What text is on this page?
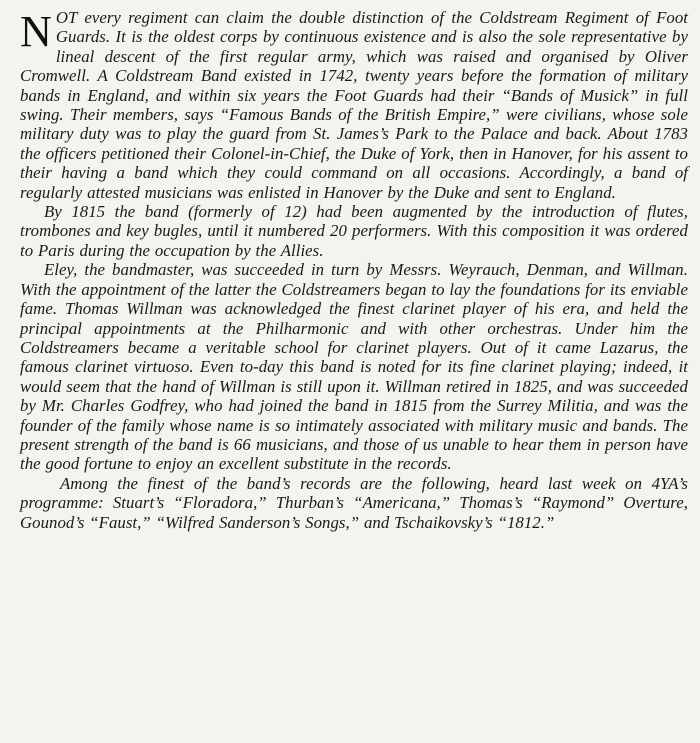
NOT every regiment can claim the double distinction of the Coldstream Regiment of Foot Guards. It is the oldest corps by continuous existence and is also the sole representative by lineal descent of the first regular army, which was raised and organised by Oliver Cromwell. A Coldstream Band existed in 1742, twenty years before the formation of military bands in England, and within six years the Foot Guards had their “Bands of Musick” in full swing. Their members, says “Famous Bands of the British Empire,” were civilians, whose sole military duty was to play the guard from St. James’s Park to the Palace and back. About 1783 the officers petitioned their Colonel-in-Chief, the Duke of York, then in Hanover, for his assent to their having a band which they could command on all occasions. Accordingly, a band of regularly attested musicians was enlisted in Hanover by the Duke and sent to England.

By 1815 the band (formerly of 12) had been augmented by the introduction of flutes, trombones and key bugles, until it numbered 20 performers. With this composition it was ordered to Paris during the occupation by the Allies.

Eley, the bandmaster, was succeeded in turn by Messrs. Weyrauch, Denman, and Willman. With the appointment of the latter the Coldstreamers began to lay the foundations for its enviable fame. Thomas Willman was acknowledged the finest clarinet player of his era, and held the principal appointments at the Philharmonic and with other orchestras. Under him the Coldstreamers became a veritable school for clarinet players. Out of it came Lazarus, the famous clarinet virtuoso. Even to-day this band is noted for its fine clarinet playing; indeed, it would seem that the hand of Willman is still upon it. Willman retired in 1825, and was succeeded by Mr. Charles Godfrey, who had joined the band in 1815 from the Surrey Militia, and was the founder of the family whose name is so intimately associated with military music and bands. The present strength of the band is 66 musicians, and those of us unable to hear them in person have the good fortune to enjoy an excellent substitute in the records.

Among the finest of the band’s records are the following, heard last week on 4YA’s programme: Stuart’s “Floradora,” Thurban’s “Americana,” Thomas’s “Raymond” Overture, Gounod’s “Faust,” “Wilfred Sanderson’s Songs,” and Tschaikovsky’s “1812.”
